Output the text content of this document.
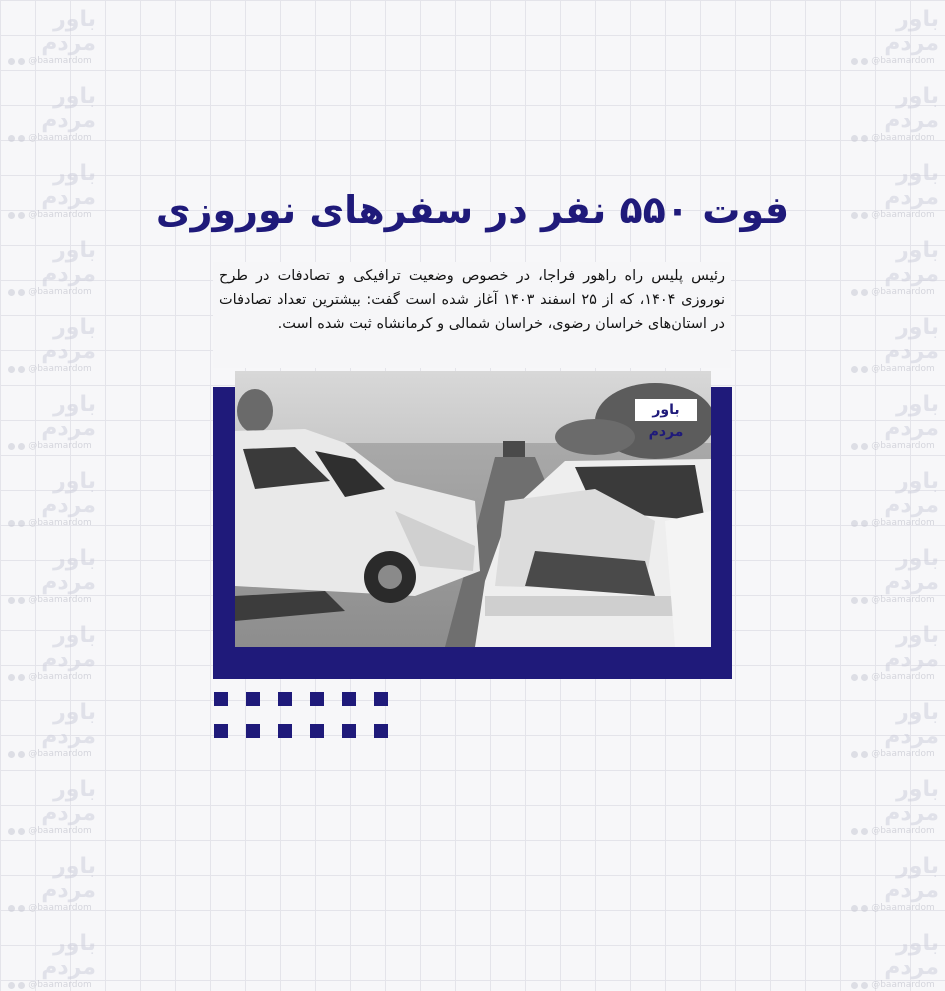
باور مردم
@baamardom
باور مردم
@baamardom
باور مردم
@baamardom
باور مردم
@baamardom
باور مردم
@baamardom
باور مردم
@baamardom
باور مردم
@baamardom
باور مردم
@baamardom
باور مردم
@baamardom
باور مردم
@baamardom
باور مردم
@baamardom
باور مردم
@baamardom
باور مردم
@baamardom
باور مردم
@baamardom
باور مردم
@baamardom
باور مردم
@baamardom
باور مردم
@baamardom
باور مردم
@baamardom
باور مردم
@baamardom
باور مردم
@baamardom
باور مردم
@baamardom
باور مردم
@baamardom
باور مردم
@baamardom
باور مردم
@baamardom
باور مردم
@baamardom
باور مردم
@baamardom
فوت ۵۵۰ نفر در سفرهای نوروزی

رئیس پلیس راه راهور فراجا، در خصوص وضعیت ترافیکی و تصادفات در طرح نوروزی ۱۴۰۴، که از ۲۵ اسفند ۱۴۰۳ آغاز شده است گفت: بیشترین تعداد تصادفات در استان‌های خراسان رضوی، خراسان شمالی و کرمانشاه ثبت شده است.

باور مردم
